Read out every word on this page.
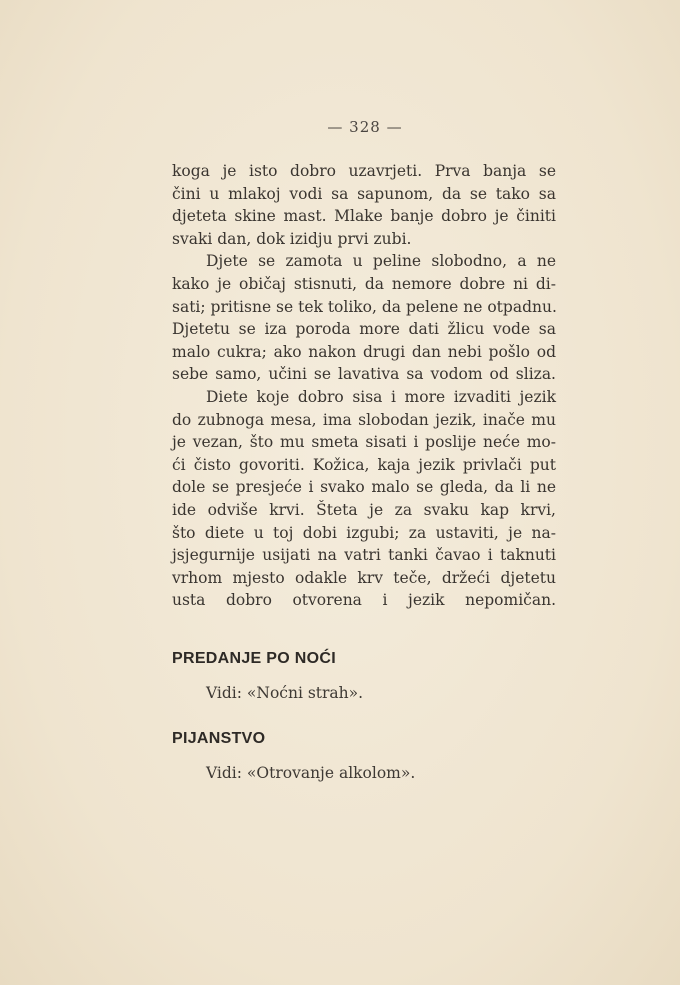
— 328 —
koga je isto dobro uzavrjeti. Prva banja se
čini u mlakoj vodi sa sapunom, da se tako sa
djeteta skine mast. Mlake banje dobro je činiti
svaki dan, dok izidju prvi zubi.
Djete se zamota u peline slobodno, a ne
kako je običaj stisnuti, da nemore dobre ni di-
sati; pritisne se tek toliko, da pelene ne otpadnu.
Djetetu se iza poroda more dati žlicu vode sa
malo cukra; ako nakon drugi dan nebi pošlo od
sebe samo, učini se lavativa sa vodom od sliza.
Diete koje dobro sisa i more izvaditi jezik
do zubnoga mesa, ima slobodan jezik, inače mu
je vezan, što mu smeta sisati i poslije neće mo-
ći čisto govoriti. Kožica, kaja jezik privlači put
dole se presjeće i svako malo se gleda, da li ne
ide odviše krvi. Šteta je za svaku kap krvi,
što diete u toj dobi izgubi; za ustaviti, je na-
jsjegurnije usijati na vatri tanki čavao i taknuti
vrhom mjesto odakle krv teče, držeći djetetu
usta dobro otvorena i jezik nepomičan.
PREDANJE PO NOĆI
Vidi: «Noćni strah».
PIJANSTVO
Vidi: «Otrovanje alkolom».
